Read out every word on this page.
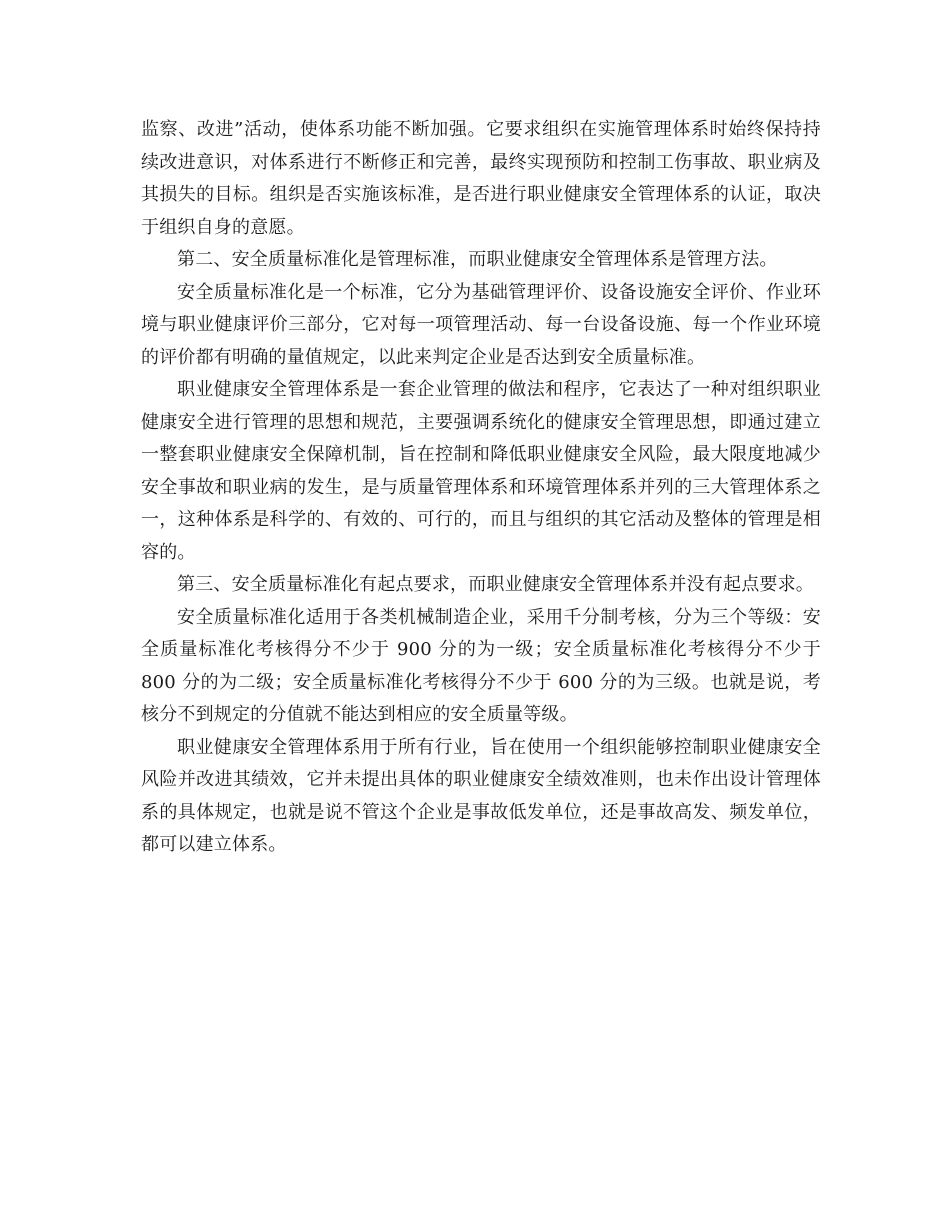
监察、改进”活动，使体系功能不断加强。它要求组织在实施管理体系时始终保持持续改进意识，对体系进行不断修正和完善，最终实现预防和控制工伤事故、职业病及其损失的目标。组织是否实施该标准，是否进行职业健康安全管理体系的认证，取决于组织自身的意愿。

第二、安全质量标准化是管理标准，而职业健康安全管理体系是管理方法。

安全质量标准化是一个标准，它分为基础管理评价、设备设施安全评价、作业环境与职业健康评价三部分，它对每一项管理活动、每一台设备设施、每一个作业环境的评价都有明确的量值规定，以此来判定企业是否达到安全质量标准。

职业健康安全管理体系是一套企业管理的做法和程序，它表达了一种对组织职业健康安全进行管理的思想和规范，主要强调系统化的健康安全管理思想，即通过建立一整套职业健康安全保障机制，旨在控制和降低职业健康安全风险，最大限度地减少安全事故和职业病的发生，是与质量管理体系和环境管理体系并列的三大管理体系之一，这种体系是科学的、有效的、可行的，而且与组织的其它活动及整体的管理是相容的。

第三、安全质量标准化有起点要求，而职业健康安全管理体系并没有起点要求。

安全质量标准化适用于各类机械制造企业，采用千分制考核，分为三个等级：安全质量标准化考核得分不少于 900 分的为一级；安全质量标准化考核得分不少于 800 分的为二级；安全质量标准化考核得分不少于 600 分的为三级。也就是说，考核分不到规定的分值就不能达到相应的安全质量等级。

职业健康安全管理体系用于所有行业，旨在使用一个组织能够控制职业健康安全风险并改进其绩效，它并未提出具体的职业健康安全绩效准则，也未作出设计管理体系的具体规定，也就是说不管这个企业是事故低发单位，还是事故高发、频发单位，都可以建立体系。
